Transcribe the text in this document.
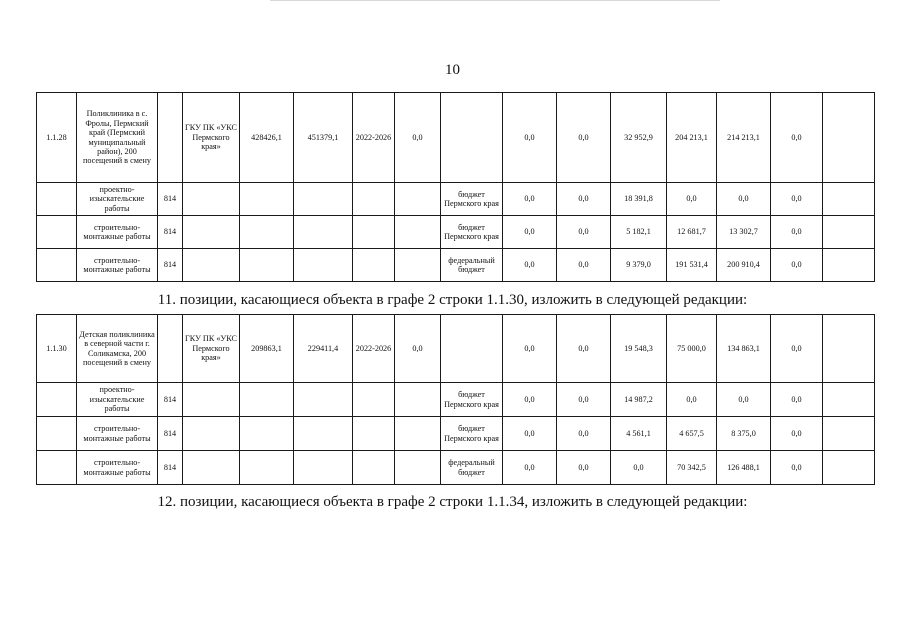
10
1.1.28	Поликлиника в с. Фролы, Пермский край (Пермский муниципальный район), 200 посещений в смену		ГКУ ПК «УКС Пермского края»	428426,1	451379,1	2022-2026	0,0		0,0	0,0	32 952,9	204 213,1	214 213,1	0,0	
	проектно-изыскательские работы	814						бюджет Пермского края	0,0	0,0	18 391,8	0,0	0,0	0,0	
	строительно-монтажные работы	814						бюджет Пермского края	0,0	0,0	5 182,1	12 681,7	13 302,7	0,0	
	строительно-монтажные работы	814						федеральный бюджет	0,0	0,0	9 379,0	191 531,4	200 910,4	0,0	
11. позиции, касающиеся объекта в графе 2 строки 1.1.30, изложить в следующей редакции:
1.1.30	Детская поликлиника в северной части г. Соликамска, 200 посещений в смену		ГКУ ПК «УКС Пермского края»	209863,1	229411,4	2022-2026	0,0		0,0	0,0	19 548,3	75 000,0	134 863,1	0,0	
	проектно-изыскательские работы	814						бюджет Пермского края	0,0	0,0	14 987,2	0,0	0,0	0,0	
	строительно-монтажные работы	814						бюджет Пермского края	0,0	0,0	4 561,1	4 657,5	8 375,0	0,0	
	строительно-монтажные работы	814						федеральный бюджет	0,0	0,0	0,0	70 342,5	126 488,1	0,0	
12. позиции, касающиеся объекта в графе 2 строки 1.1.34, изложить в следующей редакции:
